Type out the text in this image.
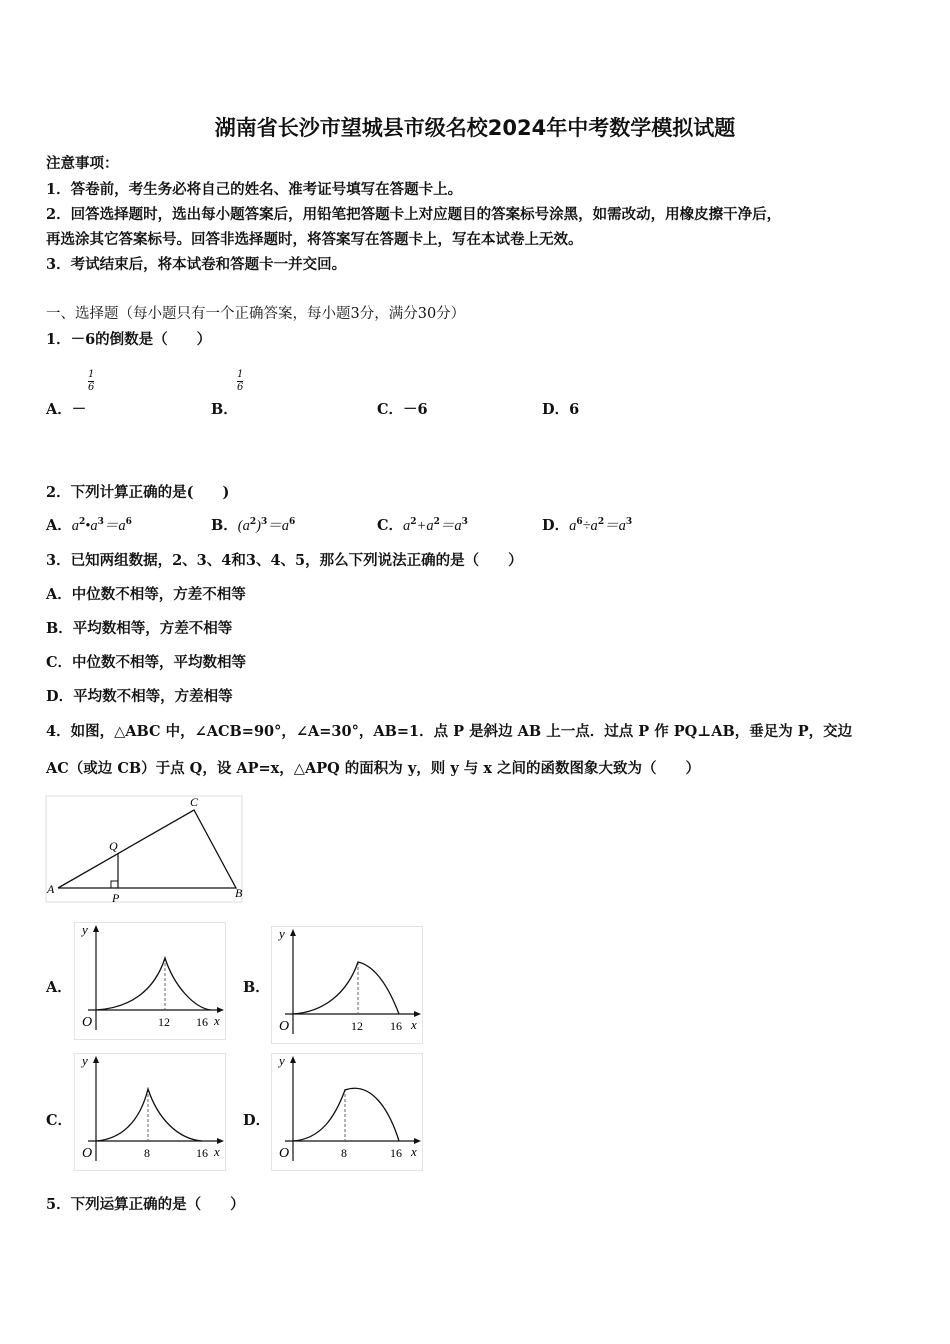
湖南省长沙市望城县市级名校2024年中考数学模拟试题
注意事项：
1．答卷前，考生务必将自己的姓名、准考证号填写在答题卡上。
2．回答选择题时，选出每小题答案后，用铅笔把答题卡上对应题目的答案标号涂黑，如需改动，用橡皮擦干净后，
再选涂其它答案标号。回答非选择题时，将答案写在答题卡上，写在本试卷上无效。
3．考试结束后，将本试卷和答题卡一并交回。
一、选择题（每小题只有一个正确答案，每小题3分，满分30分）
1．－6的倒数是（　　）
1
6
A．－
1
6
B．	C．－6	D．6
2．下列计算正确的是(　　)
A．$a^2•a^3=a^6$	B．$(a^2)^3=a^6$	C．$a^2+a^2=a^3$	D．$a^6\div a^2=a^3$
3．已知两组数据，2、3、4和3、4、5，那么下列说法正确的是（　　）
A．中位数不相等，方差不相等
B．平均数相等，方差不相等
C．中位数不相等，平均数相等
D．平均数不相等，方差相等
4．如图，△ABC 中，∠ACB=90°，∠A=30°，AB=1．点 P 是斜边 AB 上一点．过点 P 作 PQ⊥AB，垂足为 P，交边
AC（或边 CB）于点 Q，设 AP=x，△APQ 的面积为 y，则 y 与 x 之间的函数图象大致为（　　）
A	B
C
P
Q
A．	B．
C．	D．
O
y
x
12 16	O
y
x
12 16
O
y
x
8	16	O
y
x
8	16
5．下列运算正确的是（　　）
